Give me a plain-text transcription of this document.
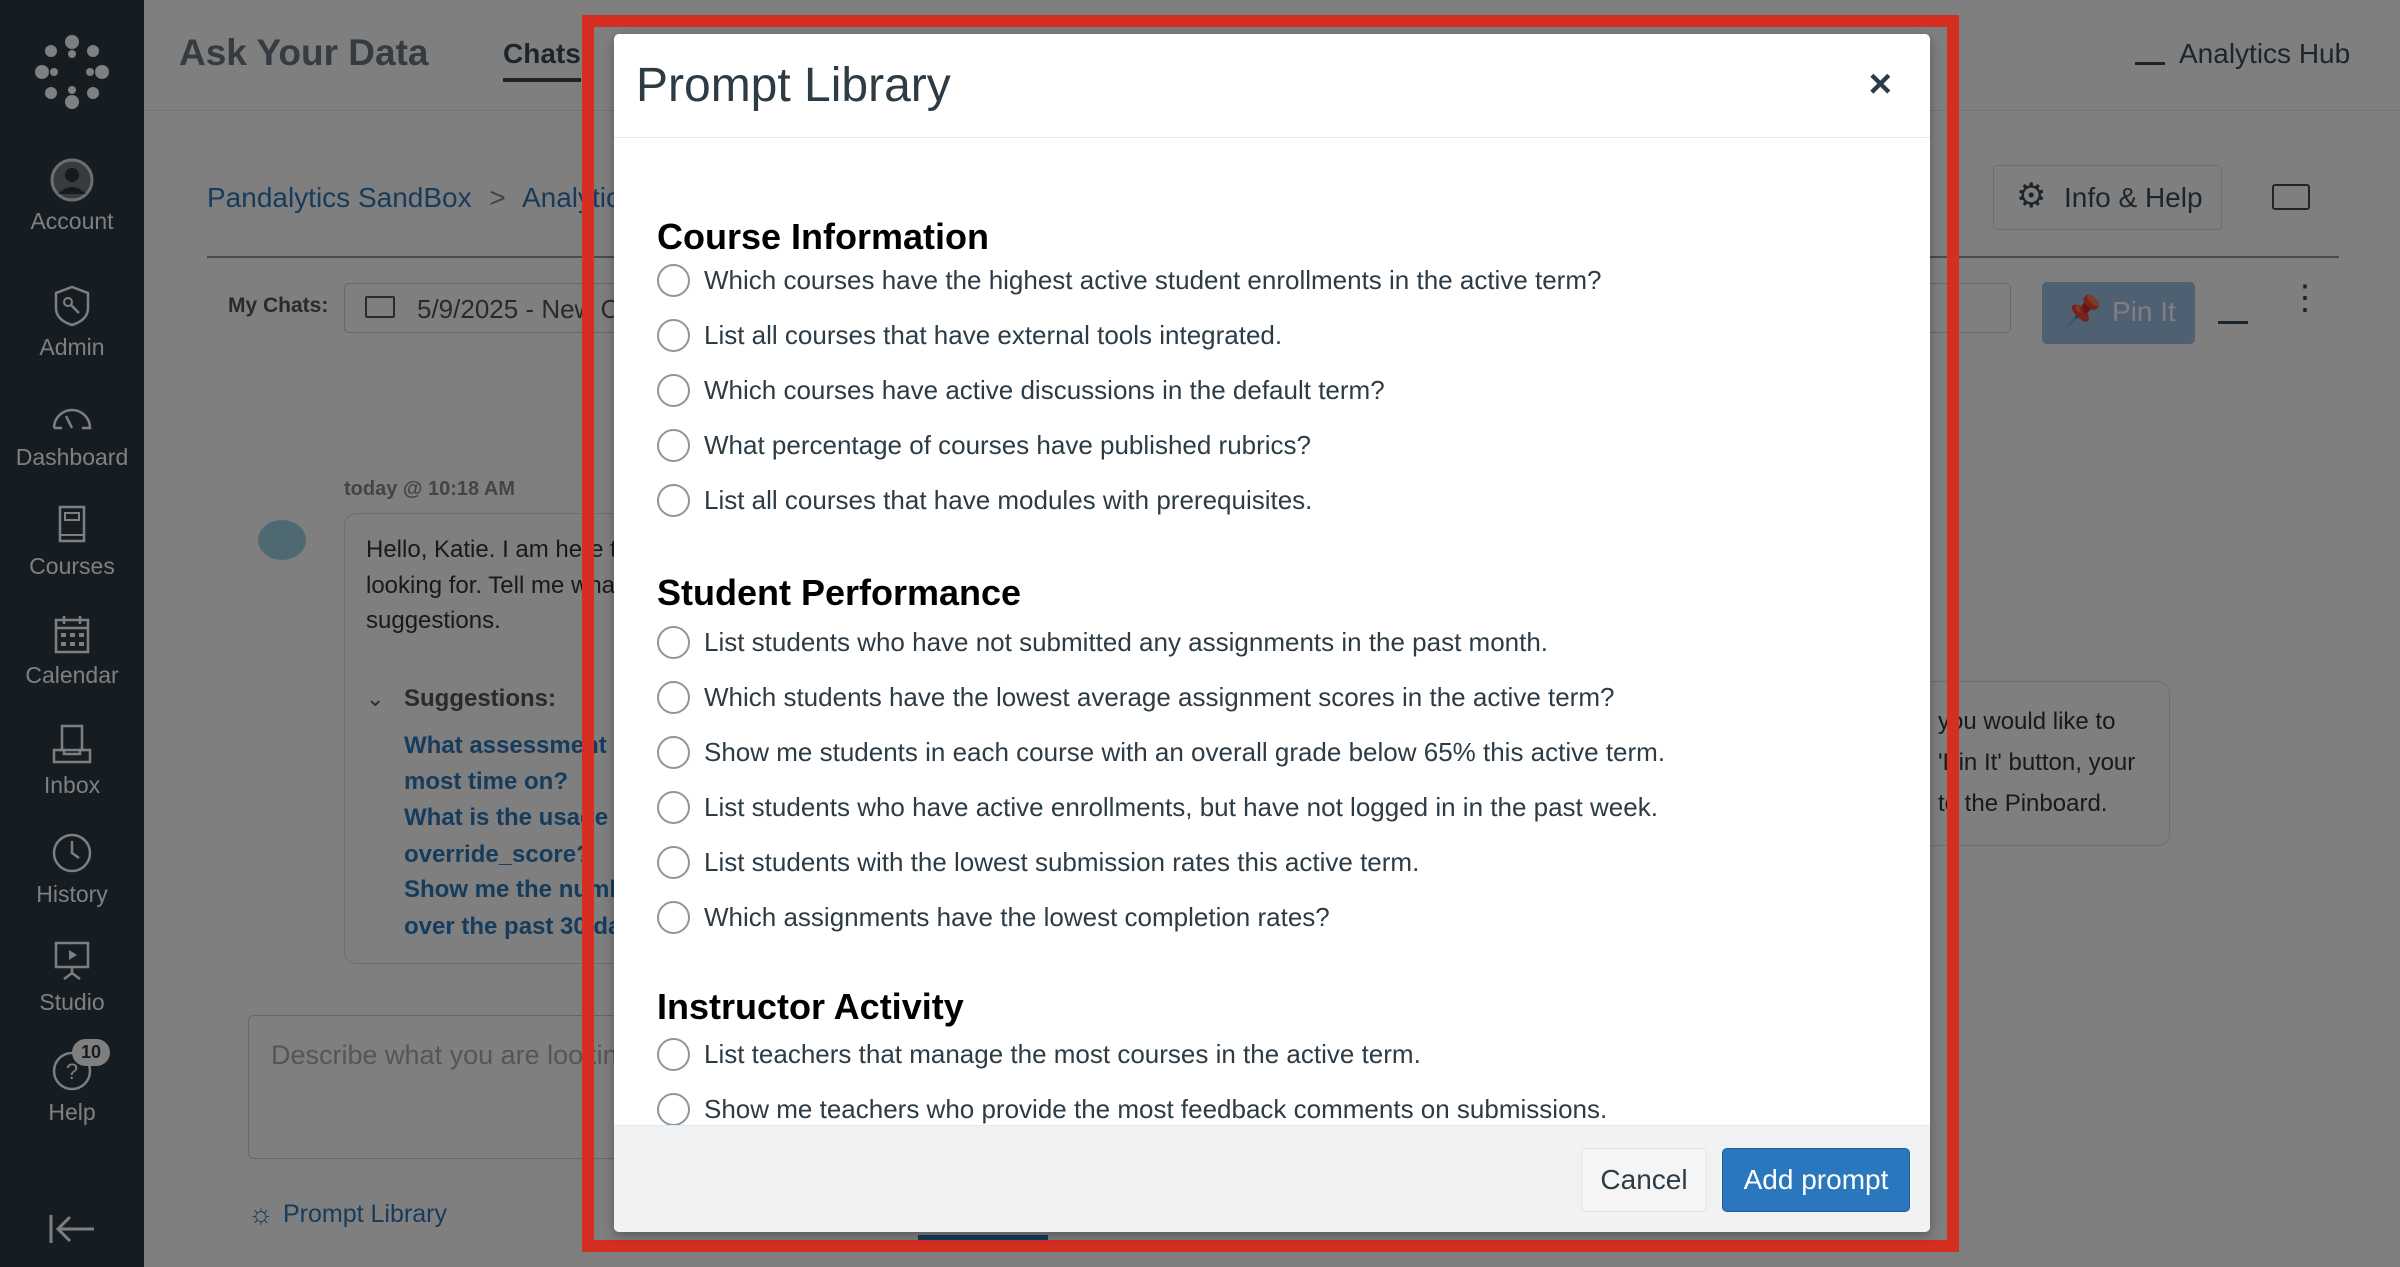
Prompt Library	×
Course Information
Which courses have the highest active student enrollments in the active term?
List all courses that have external tools integrated.
Which courses have active discussions in the default term?
What percentage of courses have published rubrics?
List all courses that have modules with prerequisites.
Student Performance
List students who have not submitted any assignments in the past month.
Which students have the lowest average assignment scores in the active term?
Show me students in each course with an overall grade below 65% this active term.
List students who have active enrollments, but have not logged in in the past week.
List students with the lowest submission rates this active term.
Which assignments have the lowest completion rates?
Instructor Activity
List teachers that manage the most courses in the active term.
Show me teachers who provide the most feedback comments on submissions.
Cancel	Add prompt
